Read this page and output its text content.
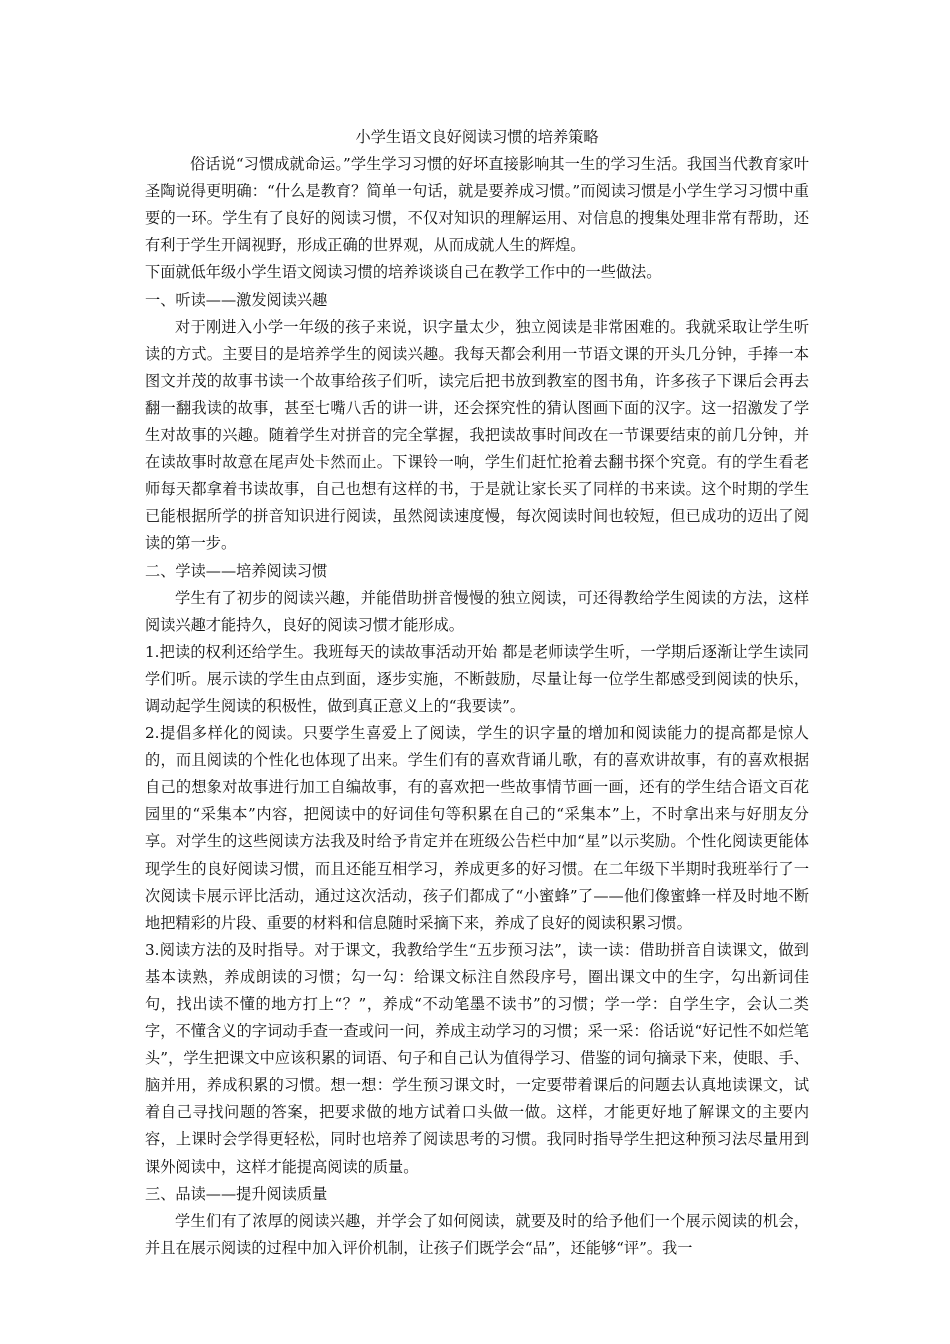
小学生语文良好阅读习惯的培养策略

俗话说“习惯成就命运。”学生学习习惯的好坏直接影响其一生的学习生活。我国当代教育家叶圣陶说得更明确：“什么是教育？简单一句话，就是要养成习惯。”而阅读习惯是小学生学习习惯中重要的一环。学生有了良好的阅读习惯，不仅对知识的理解运用、对信息的搜集处理非常有帮助，还有利于学生开阔视野，形成正确的世界观，从而成就人生的辉煌。

下面就低年级小学生语文阅读习惯的培养谈谈自己在教学工作中的一些做法。

一、听读——激发阅读兴趣

对于刚进入小学一年级的孩子来说，识字量太少，独立阅读是非常困难的。我就采取让学生听读的方式。主要目的是培养学生的阅读兴趣。我每天都会利用一节语文课的开头几分钟，手捧一本图文并茂的故事书读一个故事给孩子们听，读完后把书放到教室的图书角，许多孩子下课后会再去翻一翻我读的故事，甚至七嘴八舌的讲一讲，还会探究性的猜认图画下面的汉字。这一招激发了学生对故事的兴趣。随着学生对拼音的完全掌握，我把读故事时间改在一节课要结束的前几分钟，并在读故事时故意在尾声处卡然而止。下课铃一响，学生们赶忙抢着去翻书探个究竟。有的学生看老师每天都拿着书读故事，自己也想有这样的书，于是就让家长买了同样的书来读。这个时期的学生已能根据所学的拼音知识进行阅读，虽然阅读速度慢，每次阅读时间也较短，但已成功的迈出了阅读的第一步。

二、学读——培养阅读习惯

学生有了初步的阅读兴趣，并能借助拼音慢慢的独立阅读，可还得教给学生阅读的方法，这样阅读兴趣才能持久，良好的阅读习惯才能形成。

1.把读的权利还给学生。我班每天的读故事活动开始 都是老师读学生听，一学期后逐渐让学生读同学们听。展示读的学生由点到面，逐步实施，不断鼓励，尽量让每一位学生都感受到阅读的快乐，调动起学生阅读的积极性，做到真正意义上的“我要读”。

2.提倡多样化的阅读。只要学生喜爱上了阅读，学生的识字量的增加和阅读能力的提高都是惊人的，而且阅读的个性化也体现了出来。学生们有的喜欢背诵儿歌，有的喜欢讲故事，有的喜欢根据自己的想象对故事进行加工自编故事，有的喜欢把一些故事情节画一画，还有的学生结合语文百花园里的“采集本”内容，把阅读中的好词佳句等积累在自己的“采集本”上，不时拿出来与好朋友分享。对学生的这些阅读方法我及时给予肯定并在班级公告栏中加“星”以示奖励。个性化阅读更能体现学生的良好阅读习惯，而且还能互相学习，养成更多的好习惯。在二年级下半期时我班举行了一次阅读卡展示评比活动，通过这次活动，孩子们都成了“小蜜蜂”了——他们像蜜蜂一样及时地不断地把精彩的片段、重要的材料和信息随时采摘下来，养成了良好的阅读积累习惯。

3.阅读方法的及时指导。对于课文，我教给学生“五步预习法”，读一读：借助拼音自读课文，做到基本读熟，养成朗读的习惯；勾一勾：给课文标注自然段序号，圈出课文中的生字，勾出新词佳句，找出读不懂的地方打上“？”，养成“不动笔墨不读书”的习惯；学一学：自学生字，会认二类字，不懂含义的字词动手查一查或问一问，养成主动学习的习惯；采一采：俗话说“好记性不如烂笔头”，学生把课文中应该积累的词语、句子和自己认为值得学习、借鉴的词句摘录下来，使眼、手、脑并用，养成积累的习惯。想一想：学生预习课文时，一定要带着课后的问题去认真地读课文，试着自己寻找问题的答案，把要求做的地方试着口头做一做。这样，才能更好地了解课文的主要内容，上课时会学得更轻松，同时也培养了阅读思考的习惯。我同时指导学生把这种预习法尽量用到课外阅读中，这样才能提高阅读的质量。

三、品读——提升阅读质量

学生们有了浓厚的阅读兴趣，并学会了如何阅读，就要及时的给予他们一个展示阅读的机会，并且在展示阅读的过程中加入评价机制，让孩子们既学会“品”，还能够“评”。我一
